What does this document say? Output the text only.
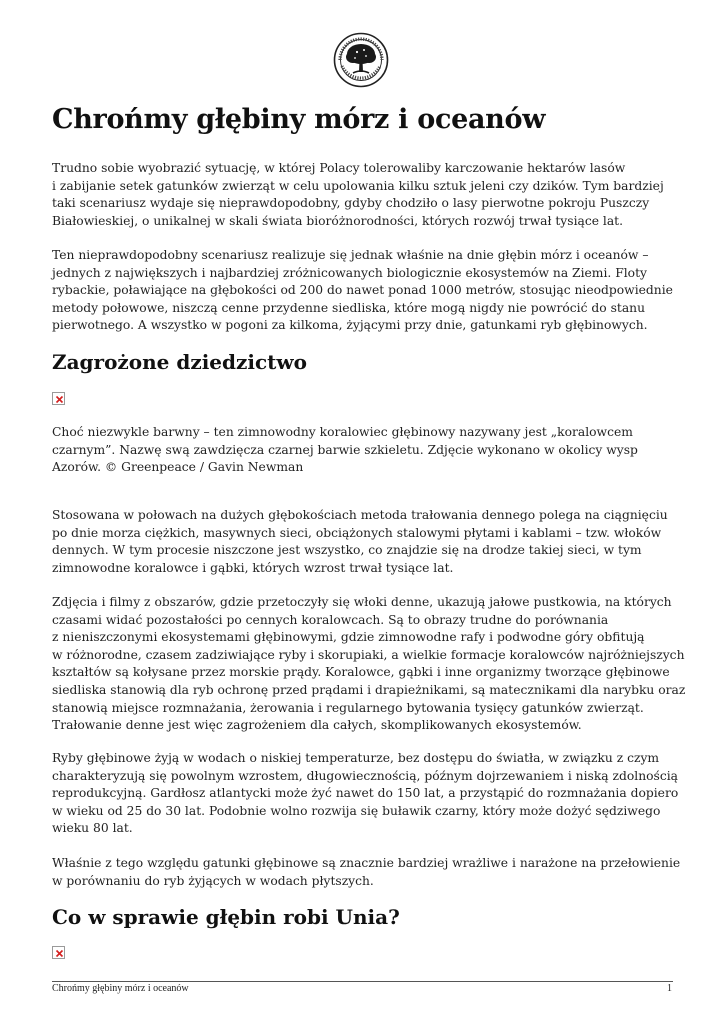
Chrońmy głębiny mórz i oceanów
Trudno sobie wyobrazić sytuację, w której Polacy tolerowaliby karczowanie hektarów lasów
i zabijanie setek gatunków zwierząt w celu upolowania kilku sztuk jeleni czy dzików. Tym bardziej
taki scenariusz wydaje się nieprawdopodobny, gdyby chodziło o lasy pierwotne pokroju Puszczy
Białowieskiej, o unikalnej w skali świata bioróżnorodności, których rozwój trwał tysiące lat.
Ten nieprawdopodobny scenariusz realizuje się jednak właśnie na dnie głębin mórz i oceanów –
jednych z największych i najbardziej zróżnicowanych biologicznie ekosystemów na Ziemi. Floty
rybackie, poławiające na głębokości od 200 do nawet ponad 1000 metrów, stosując nieodpowiednie
metody połowowe, niszczą cenne przydenne siedliska, które mogą nigdy nie powrócić do stanu
pierwotnego. A wszystko w pogoni za kilkoma, żyjącymi przy dnie, gatunkami ryb głębinowych.
Zagrożone dziedzictwo
Choć niezwykle barwny – ten zimnowodny koralowiec głębinowy nazywany jest „koralowcem
czarnym”. Nazwę swą zawdzięcza czarnej barwie szkieletu. Zdjęcie wykonano w okolicy wysp
Azorów. © Greenpeace / Gavin Newman
Stosowana w połowach na dużych głębokościach metoda trałowania dennego polega na ciągnięciu
po dnie morza ciężkich, masywnych sieci, obciążonych stalowymi płytami i kablami – tzw. włoków
dennych. W tym procesie niszczone jest wszystko, co znajdzie się na drodze takiej sieci, w tym
zimnowodne koralowce i gąbki, których wzrost trwał tysiące lat.
Zdjęcia i filmy z obszarów, gdzie przetoczyły się włoki denne, ukazują jałowe pustkowia, na których
czasami widać pozostałości po cennych koralowcach. Są to obrazy trudne do porównania
z nieniszczonymi ekosystemami głębinowymi, gdzie zimnowodne rafy i podwodne góry obfitują
w różnorodne, czasem zadziwiające ryby i skorupiaki, a wielkie formacje koralowców najróżniejszych
kształtów są kołysane przez morskie prądy. Koralowce, gąbki i inne organizmy tworzące głębinowe
siedliska stanowią dla ryb ochronę przed prądami i drapieżnikami, są matecznikami dla narybku oraz
stanowią miejsce rozmnażania, żerowania i regularnego bytowania tysięcy gatunków zwierząt.
Trałowanie denne jest więc zagrożeniem dla całych, skomplikowanych ekosystemów.
Ryby głębinowe żyją w wodach o niskiej temperaturze, bez dostępu do światła, w związku z czym
charakteryzują się powolnym wzrostem, długowiecznością, późnym dojrzewaniem i niską zdolnością
reprodukcyjną. Gardłosz atlantycki może żyć nawet do 150 lat, a przystąpić do rozmnażania dopiero
w wieku od 25 do 30 lat. Podobnie wolno rozwija się buławik czarny, który może dożyć sędziwego
wieku 80 lat.
Właśnie z tego względu gatunki głębinowe są znacznie bardziej wrażliwe i narażone na przełowienie
w porównaniu do ryb żyjących w wodach płytszych.
Co w sprawie głębin robi Unia?
Chrońmy głębiny mórz i oceanów	1
